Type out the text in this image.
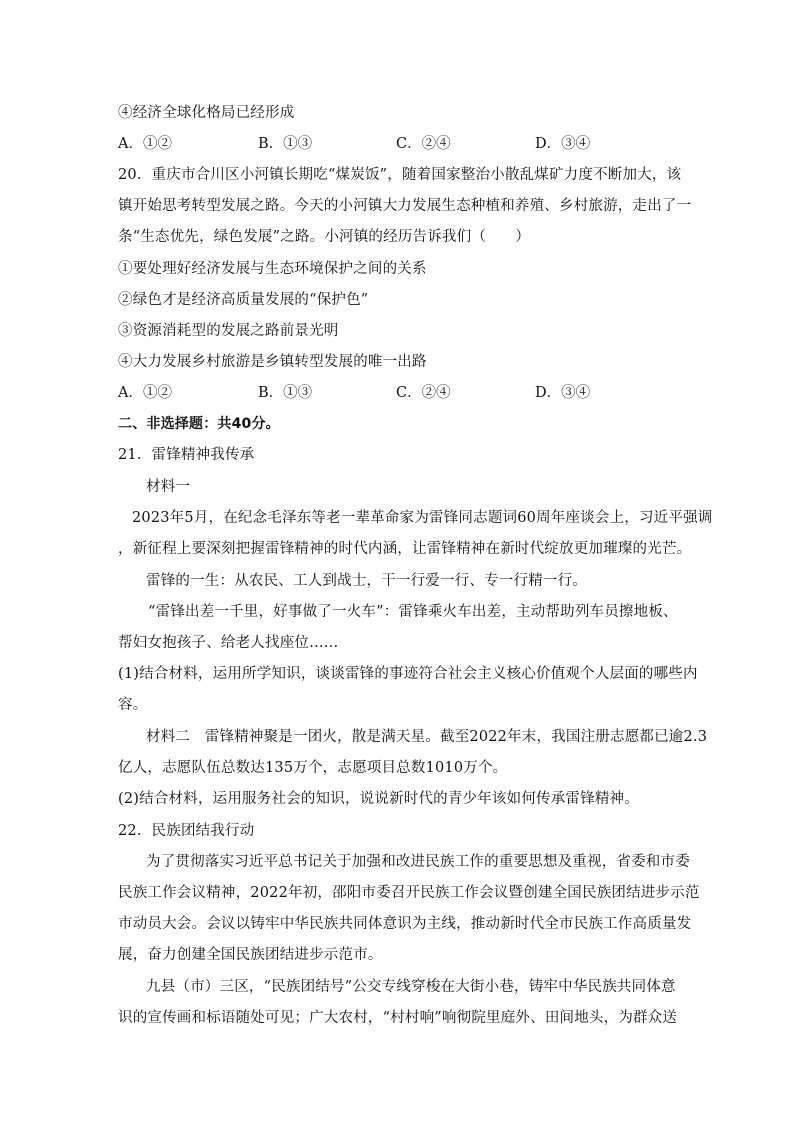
④经济全球化格局已经形成
A．①②	B．①③	C．②④	D．③④
20．重庆市合川区小河镇长期吃“煤炭饭”，随着国家整治小散乱煤矿力度不断加大，该
镇开始思考转型发展之路。今天的小河镇大力发展生态种植和养殖、乡村旅游，走出了一
条“生态优先，绿色发展”之路。小河镇的经历告诉我们（　　）
①要处理好经济发展与生态环境保护之间的关系
②绿色才是经济高质量发展的“保护色”
③资源消耗型的发展之路前景光明
④大力发展乡村旅游是乡镇转型发展的唯一出路
A．①②	B．①③	C．②④	D．③④
二、非选择题：共40分。
21．雷锋精神我传承
材料一
2023年5月，在纪念毛泽东等老一辈革命家为雷锋同志题词60周年座谈会上，习近平强调
，新征程上要深刻把握雷锋精神的时代内涵，让雷锋精神在新时代绽放更加璀璨的光芒。
雷锋的一生：从农民、工人到战士，干一行爱一行、专一行精一行。
“雷锋出差一千里，好事做了一火车”：雷锋乘火车出差，主动帮助列车员擦地板、
帮妇女抱孩子、给老人找座位……
(1)结合材料，运用所学知识，谈谈雷锋的事迹符合社会主义核心价值观个人层面的哪些内
容。
材料二　雷锋精神聚是一团火，散是满天星。截至2022年末，我国注册志愿都已逾2.3
亿人，志愿队伍总数达135万个，志愿项目总数1010万个。
(2)结合材料，运用服务社会的知识，说说新时代的青少年该如何传承雷锋精神。
22．民族团结我行动
为了贯彻落实习近平总书记关于加强和改进民族工作的重要思想及重视，省委和市委
民族工作会议精神，2022年初，邵阳市委召开民族工作会议暨创建全国民族团结进步示范
市动员大会。会议以铸牢中华民族共同体意识为主线，推动新时代全市民族工作高质量发
展，奋力创建全国民族团结进步示范市。
九县（市）三区，“民族团结号”公交专线穿梭在大街小巷，铸牢中华民族共同体意
识的宣传画和标语随处可见；广大农村，“村村响”响彻院里庭外、田间地头，为群众送
